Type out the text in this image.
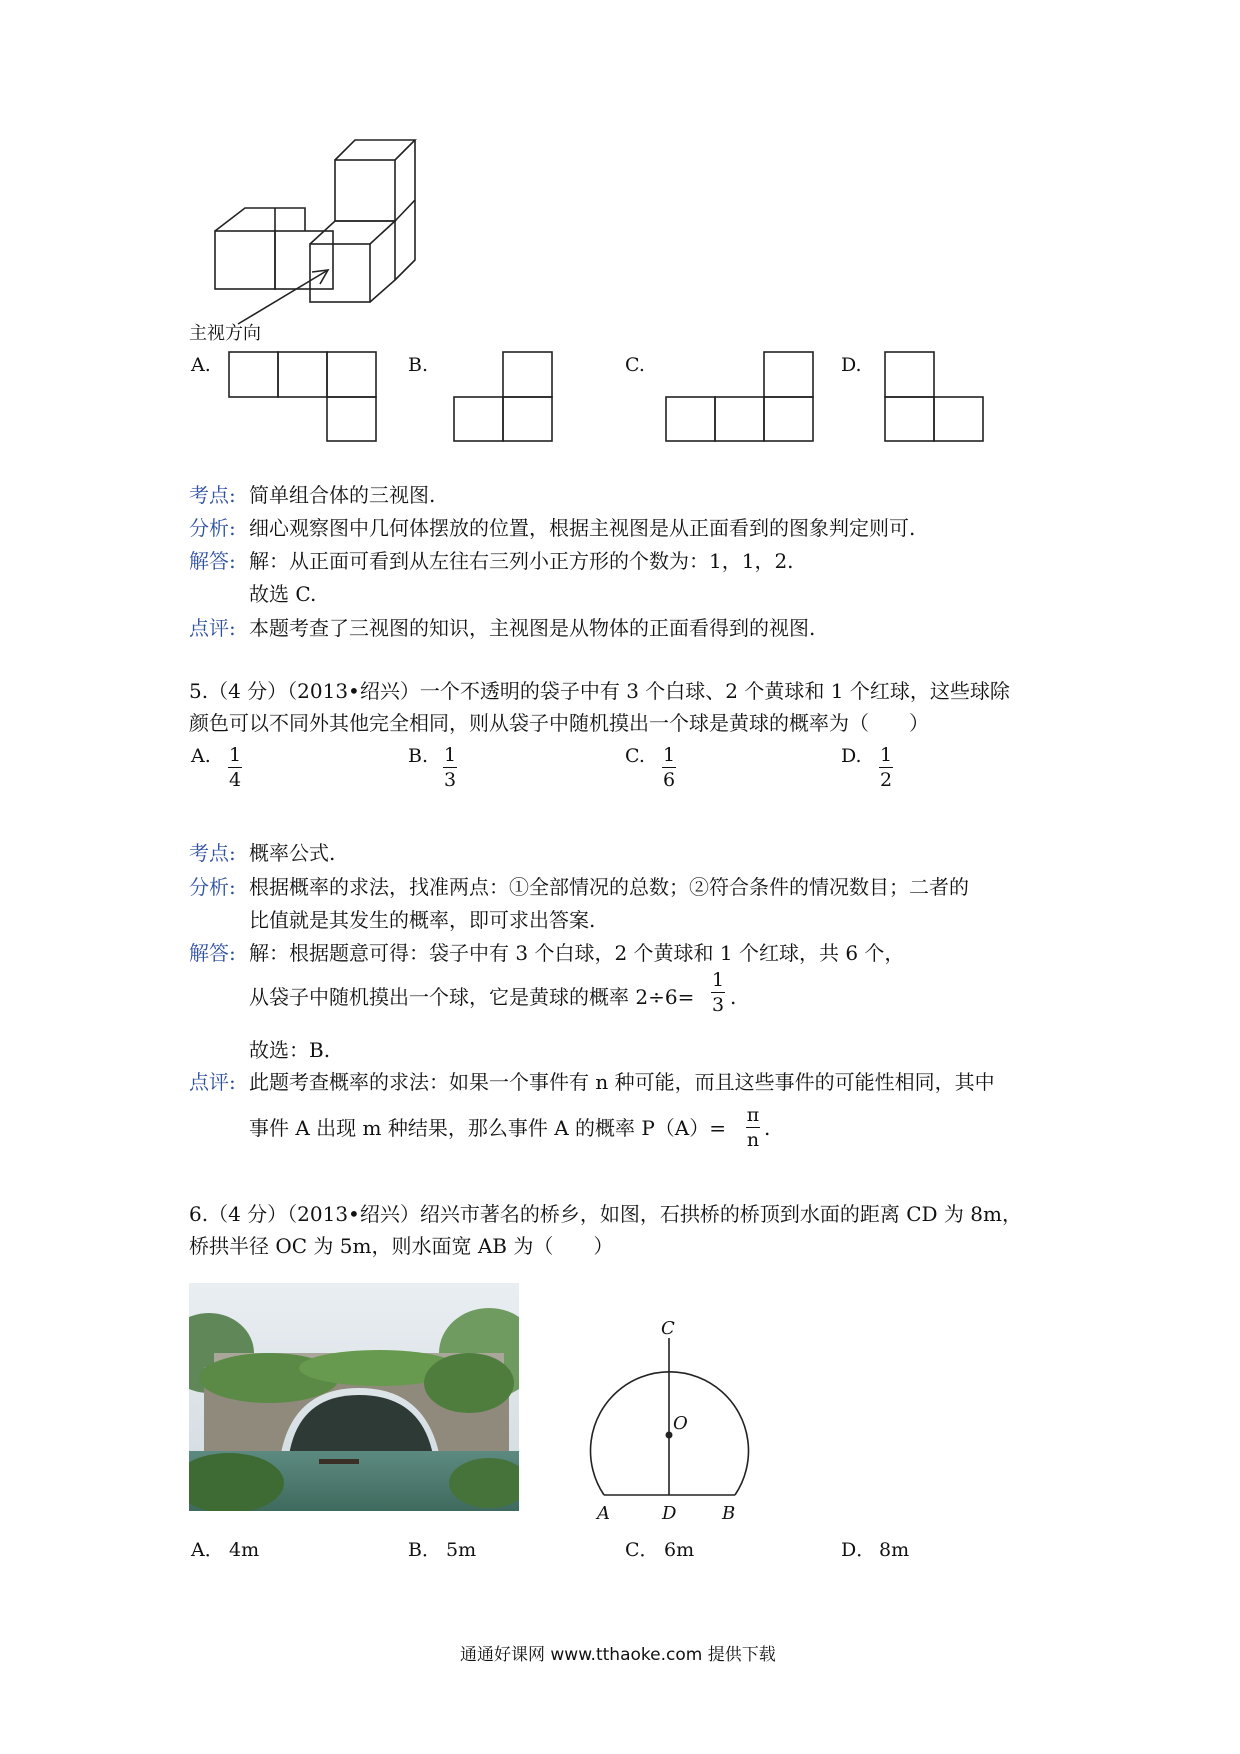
主视方向
A.	B.	C.	D.
考点: 简单组合体的三视图.
分析: 细心观察图中几何体摆放的位置，根据主视图是从正面看到的图象判定则可.
解答: 解：从正面可看到从左往右三列小正方形的个数为：1，1，2.
故选 C.
点评: 本题考查了三视图的知识，主视图是从物体的正面看得到的视图.
5.（4 分）（2013•绍兴）一个不透明的袋子中有 3 个白球、2 个黄球和 1 个红球，这些球除
颜色可以不同外其他完全相同，则从袋子中随机摸出一个球是黄球的概率为（　　）
A. 1
4
B. 1
3
C. 1
6
D. 1
2
考点: 概率公式.
分析: 根据概率的求法，找准两点：①全部情况的总数；②符合条件的情况数目；二者的
比值就是其发生的概率，即可求出答案.
解答: 解：根据题意可得：袋子中有 3 个白球，2 个黄球和 1 个红球，共 6 个，
从袋子中随机摸出一个球，它是黄球的概率 2÷6=
1
3 .
故选：B.
点评: 此题考查概率的求法：如果一个事件有 n 种可能，而且这些事件的可能性相同，其中
事件 A 出现 m 种结果，那么事件 A 的概率 P（A）=
π
n .
6.（4 分）（2013•绍兴）绍兴市著名的桥乡，如图，石拱桥的桥顶到水面的距离 CD 为 8m，
桥拱半径 OC 为 5m，则水面宽 AB 为（　　）
C
O
A	D	B
A． 4m	B． 5m	C． 6m	D． 8m
通通好课网 www.tthaoke.com 提供下载
